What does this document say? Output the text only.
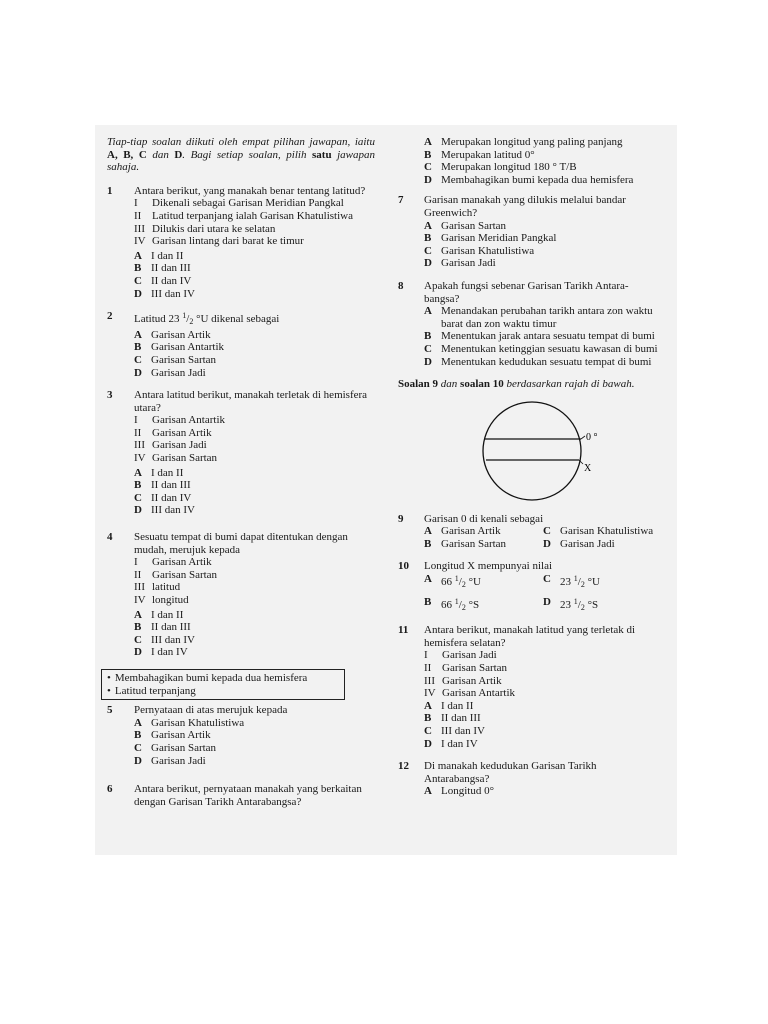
Tiap-tiap soalan diikuti oleh empat pilihan jawapan, iaitu A, B, C dan D. Bagi setiap soalan, pilih satu jawapan sahaja.
1	Antara berikut, yang manakah benar tentang latitud?
I	Dikenali sebagai Garisan Meridian Pangkal
II Latitud terpanjang ialah Garisan Khatulistiwa
III Dilukis dari utara ke selatan
IV Garisan lintang dari barat ke timur
A I dan II
B II dan III
C II dan IV
D III dan IV
2	Latitud 23 $^1/_2$ °U dikenal sebagai
A Garisan Artik
B Garisan Antartik
C Garisan Sartan
D Garisan Jadi
3	Antara latitud berikut, manakah terletak di hemisfera utara?
I	Garisan Antartik
II Garisan Artik
III Garisan Jadi
IV Garisan Sartan
A I dan II
B II dan III
C II dan IV
D III dan IV
4	Sesuatu tempat di bumi dapat ditentukan dengan mudah, merujuk kepada
I	Garisan Artik
II Garisan Sartan
III latitud
IV longitud
A I dan II
B II dan III
C III dan IV
D I dan IV
• Membahagikan bumi kepada dua hemisfera
• Latitud terpanjang
5	Pernyataan di atas merujuk kepada
A Garisan Khatulistiwa
B Garisan Artik
C Garisan Sartan
D Garisan Jadi
6	Antara berikut, pernyataan manakah yang berkaitan dengan Garisan Tarikh Antarabangsa?
A Merupakan longitud yang paling panjang
B Merupakan latitud 0°
C Merupakan longitud 180 ° T/B
D Membahagikan bumi kepada dua hemisfera
7	Garisan manakah yang dilukis melalui bandar Greenwich?
A Garisan Sartan
B Garisan Meridian Pangkal
C Garisan Khatulistiwa
D Garisan Jadi
8	Apakah fungsi sebenar Garisan Tarikh Antara-bangsa?
A Menandakan perubahan tarikh antara zon waktu barat dan zon waktu timur
B Menentukan jarak antara sesuatu tempat di bumi
C Menentukan ketinggian sesuatu kawasan di bumi
D Menentukan kedudukan sesuatu tempat di bumi
Soalan 9 dan soalan 10 berdasarkan rajah di bawah.
0 °
X
9	Garisan 0 di kenali sebagai
A Garisan Artik	C Garisan Khatulistiwa
B Garisan Sartan	D Garisan Jadi
10	Longitud X mempunyai nilai
A 66 $^1/_2$ °U	C 23 $^1/_2$ °U
B 66 $^1/_2$ °S	D 23 $^1/_2$ °S
11	Antara berikut, manakah latitud yang terletak di hemisfera selatan?
I	Garisan Jadi
II Garisan Sartan
III Garisan Artik
IV Garisan Antartik
A I dan II
B II dan III
C III dan IV
D I dan IV
12	Di manakah kedudukan Garisan Tarikh Antarabangsa?
A Longitud 0°
